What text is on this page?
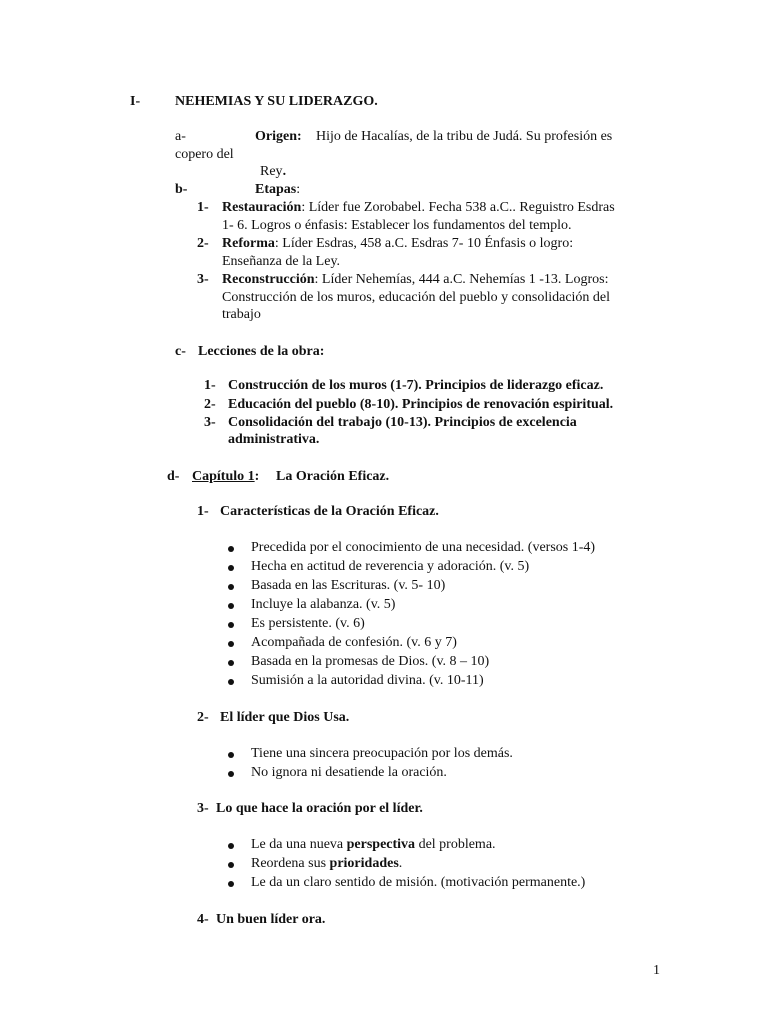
I- NEHEMIAS Y SU LIDERAZGO.
a-	Origen: Hijo de Hacalías, de la tribu de Judá. Su profesión es
copero del
Rey.
b-	Etapas:
1- Restauración: Líder fue Zorobabel. Fecha 538 a.C.. Reguistro Esdras
1- 6. Logros o énfasis: Establecer los fundamentos del templo.
2- Reforma: Líder Esdras, 458 a.C. Esdras 7- 10 Énfasis o logro:
Enseñanza de la Ley.
3- Reconstrucción: Líder Nehemías, 444 a.C. Nehemías 1 -13. Logros:
Construcción de los muros, educación del pueblo y consolidación del
trabajo
c- Lecciones de la obra:
1- Construcción de los muros (1-7). Principios de liderazgo eficaz.
2- Educación del pueblo (8-10). Principios de renovación espiritual.
3- Consolidación del trabajo (10-13). Principios de excelencia
administrativa.
d- Capítulo 1: La Oración Eficaz.
1- Características de la Oración Eficaz.
Precedida por el conocimiento de una necesidad. (versos 1-4)
Hecha en actitud de reverencia y adoración. (v. 5)
Basada en las Escrituras. (v. 5- 10)
Incluye la alabanza. (v. 5)
Es persistente. (v. 6)
Acompañada de confesión. (v. 6 y 7)
Basada en la promesas de Dios. (v. 8 – 10)
Sumisión a la autoridad divina. (v. 10-11)
2- El líder que Dios Usa.
Tiene una sincera preocupación por los demás.
No ignora ni desatiende la oración.
3- Lo que hace la oración por el líder.
Le da una nueva perspectiva del problema.
Reordena sus prioridades.
Le da un claro sentido de misión. (motivación permanente.)
4- Un buen líder ora.
1
